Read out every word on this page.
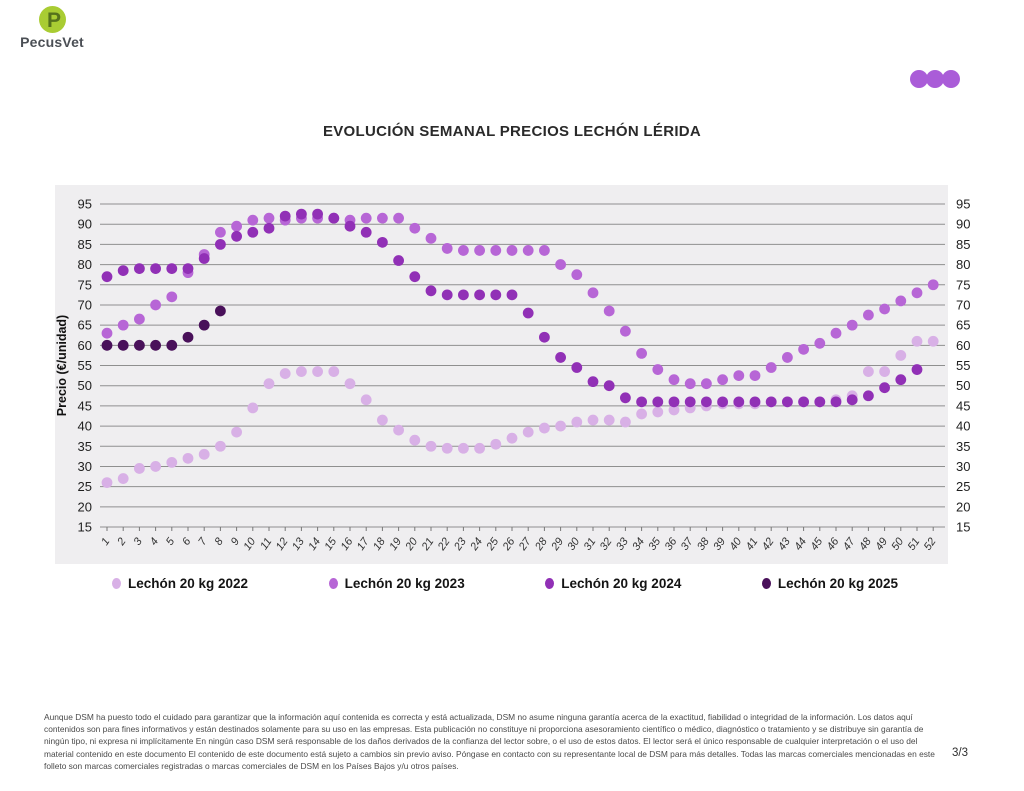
P
PecusVet
EVOLUCIÓN SEMANAL PRECIOS LECHÓN LÉRIDA
15	15
20	20
25	25
30	30
35	35
40	40
45	45
50	50
55	55
60	60
65	65
70	70
75	75
80	80
85	85
90	90
95	95
1 2 3 4 5 6 7 8 9 10 11 12 13 14 15 16 17 18 19 20 21 22 23 24 25 26 27 28 29 30 31 32 33 34 35 36 37 38 39 40 41 42 43 44 45 46 47 48 49 50 51 52
Precio (€/unidad)
Lechón 20 kg 2022	Lechón 20 kg 2023	Lechón 20 kg 2024	Lechón 20 kg 2025
Aunque DSM ha puesto todo el cuidado para garantizar que la información aquí contenida es correcta y está actualizada, DSM no asume ninguna garantía acerca de la exactitud, fiabilidad o integridad de la información. Los datos aquí contenidos son para fines informativos y están destinados solamente para su uso en las empresas. Esta publicación no constituye ni proporciona asesoramiento científico o médico, diagnóstico o tratamiento y se distribuye sin garantía de ningún tipo, ni expresa ni implícitamente En ningún caso DSM será responsable de los daños derivados de la confianza del lector sobre, o el uso de estos datos. El lector será el único responsable de cualquier interpretación o el uso del material contenido en este documento El contenido de este documento está sujeto a cambios sin previo aviso. Póngase en contacto con su representante local de DSM para más detalles. Todas las marcas comerciales mencionadas en este folleto son marcas comerciales registradas o marcas comerciales de DSM en los Países Bajos y/u otros países.
3/3
